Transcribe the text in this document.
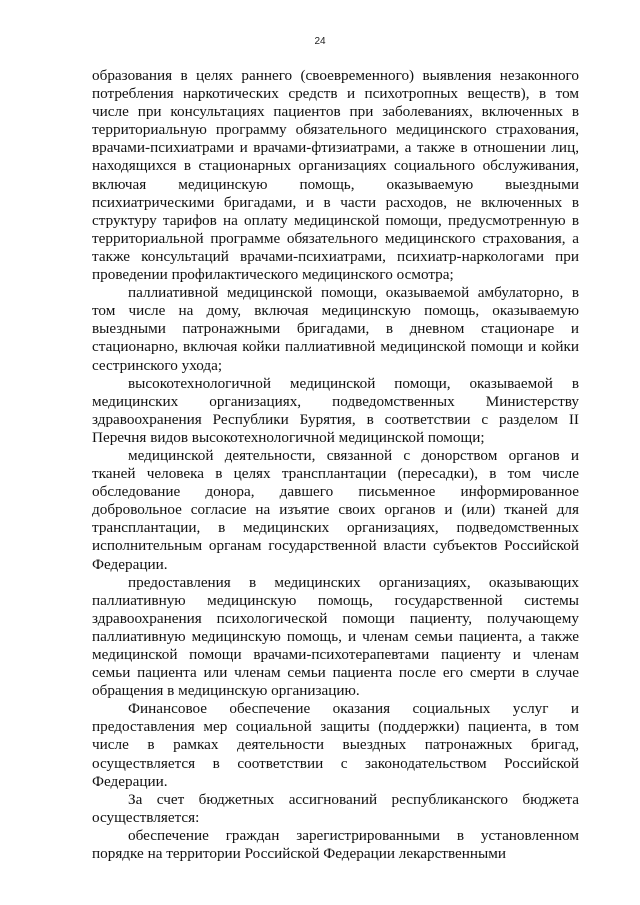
24

образования в целях раннего (своевременного) выявления незаконного потребления наркотических средств и психотропных веществ), в том числе при консультациях пациентов при заболеваниях, включенных в территориальную программу обязательного медицинского страхования, врачами-психиатрами и врачами-фтизиатрами, а также в отношении лиц, находящихся в стационарных организациях социального обслуживания, включая медицинскую помощь, оказываемую выездными психиатрическими бригадами, и в части расходов, не включенных в структуру тарифов на оплату медицинской помощи, предусмотренную в территориальной программе обязательного медицинского страхования, а также консультаций врачами-психиатрами, психиатр-наркологами при проведении профилактического медицинского осмотра;

паллиативной медицинской помощи, оказываемой амбулаторно, в том числе на дому, включая медицинскую помощь, оказываемую выездными патронажными бригадами, в дневном стационаре и стационарно, включая койки паллиативной медицинской помощи и койки сестринского ухода;

высокотехнологичной медицинской помощи, оказываемой в медицинских организациях, подведомственных Министерству здравоохранения Республики Бурятия, в соответствии с разделом II Перечня видов высокотехнологичной медицинской помощи;

медицинской деятельности, связанной с донорством органов и тканей человека в целях трансплантации (пересадки), в том числе обследование донора, давшего письменное информированное добровольное согласие на изъятие своих органов и (или) тканей для трансплантации, в медицинских организациях, подведомственных исполнительным органам государственной власти субъектов Российской Федерации.

предоставления в медицинских организациях, оказывающих паллиативную медицинскую помощь, государственной системы здравоохранения психологической помощи пациенту, получающему паллиативную медицинскую помощь, и членам семьи пациента, а также медицинской помощи врачами-психотерапевтами пациенту и членам семьи пациента или членам семьи пациента после его смерти в случае обращения в медицинскую организацию.

Финансовое обеспечение оказания социальных услуг и предоставления мер социальной защиты (поддержки) пациента, в том числе в рамках деятельности выездных патронажных бригад, осуществляется в соответствии с законодательством Российской Федерации.

За счет бюджетных ассигнований республиканского бюджета осуществляется:

обеспечение граждан зарегистрированными в установленном порядке на территории Российской Федерации лекарственными
